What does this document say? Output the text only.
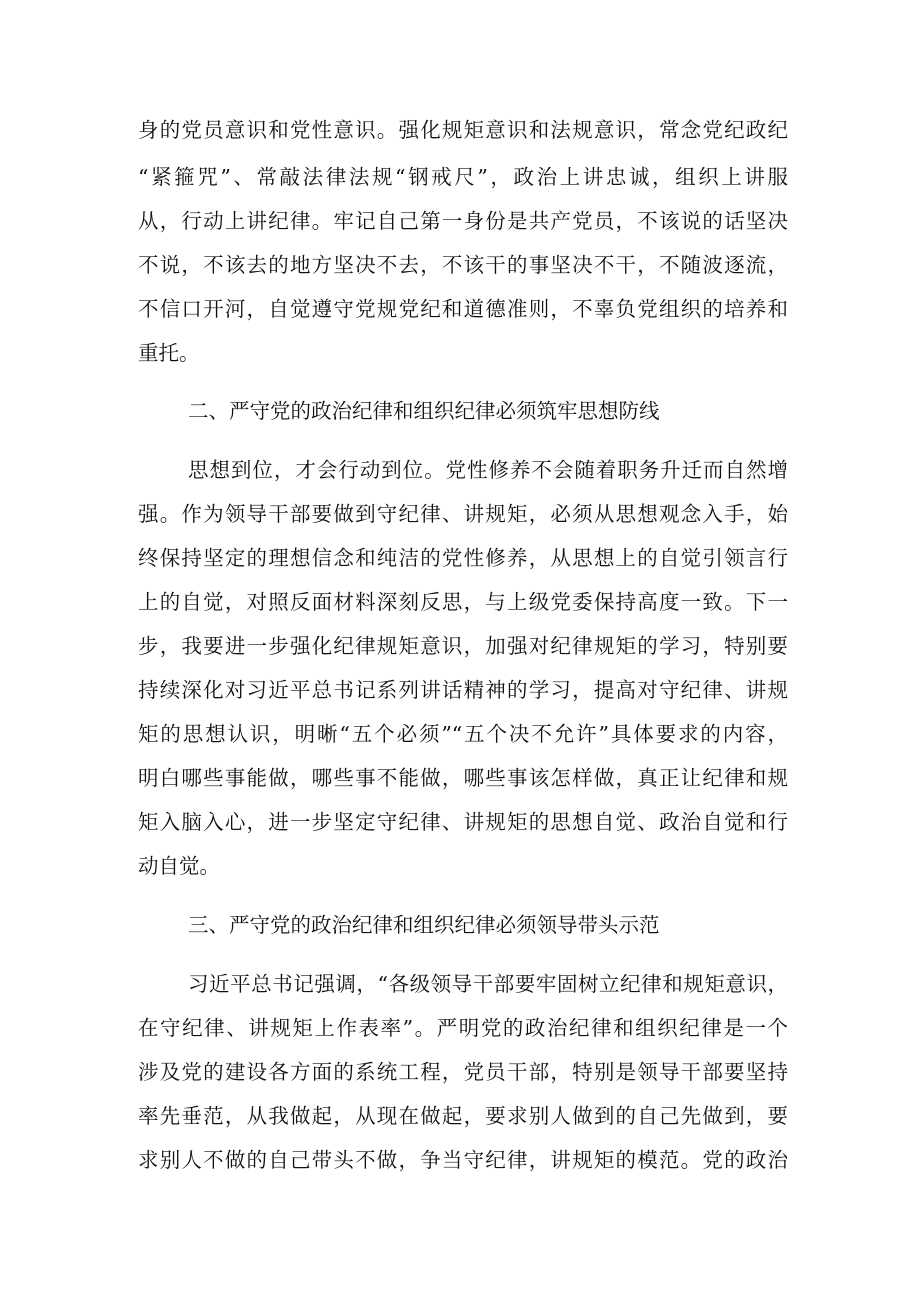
身的党员意识和党性意识。强化规矩意识和法规意识，常念党纪政纪
“紧箍咒”、常敲法律法规“钢戒尺”，政治上讲忠诚，组织上讲服
从，行动上讲纪律。牢记自己第一身份是共产党员，不该说的话坚决
不说，不该去的地方坚决不去，不该干的事坚决不干，不随波逐流，
不信口开河，自觉遵守党规党纪和道德准则，不辜负党组织的培养和
重托。
二、严守党的政治纪律和组织纪律必须筑牢思想防线
思想到位，才会行动到位。党性修养不会随着职务升迁而自然增
强。作为领导干部要做到守纪律、讲规矩，必须从思想观念入手，始
终保持坚定的理想信念和纯洁的党性修养，从思想上的自觉引领言行
上的自觉，对照反面材料深刻反思，与上级党委保持高度一致。下一
步，我要进一步强化纪律规矩意识，加强对纪律规矩的学习，特别要
持续深化对习近平总书记系列讲话精神的学习，提高对守纪律、讲规
矩的思想认识，明晰“五个必须”“五个决不允许”具体要求的内容，
明白哪些事能做，哪些事不能做，哪些事该怎样做，真正让纪律和规
矩入脑入心，进一步坚定守纪律、讲规矩的思想自觉、政治自觉和行
动自觉。
三、严守党的政治纪律和组织纪律必须领导带头示范
习近平总书记强调，“各级领导干部要牢固树立纪律和规矩意识，
在守纪律、讲规矩上作表率”。严明党的政治纪律和组织纪律是一个
涉及党的建设各方面的系统工程，党员干部，特别是领导干部要坚持
率先垂范，从我做起，从现在做起，要求别人做到的自己先做到，要
求别人不做的自己带头不做，争当守纪律，讲规矩的模范。党的政治
